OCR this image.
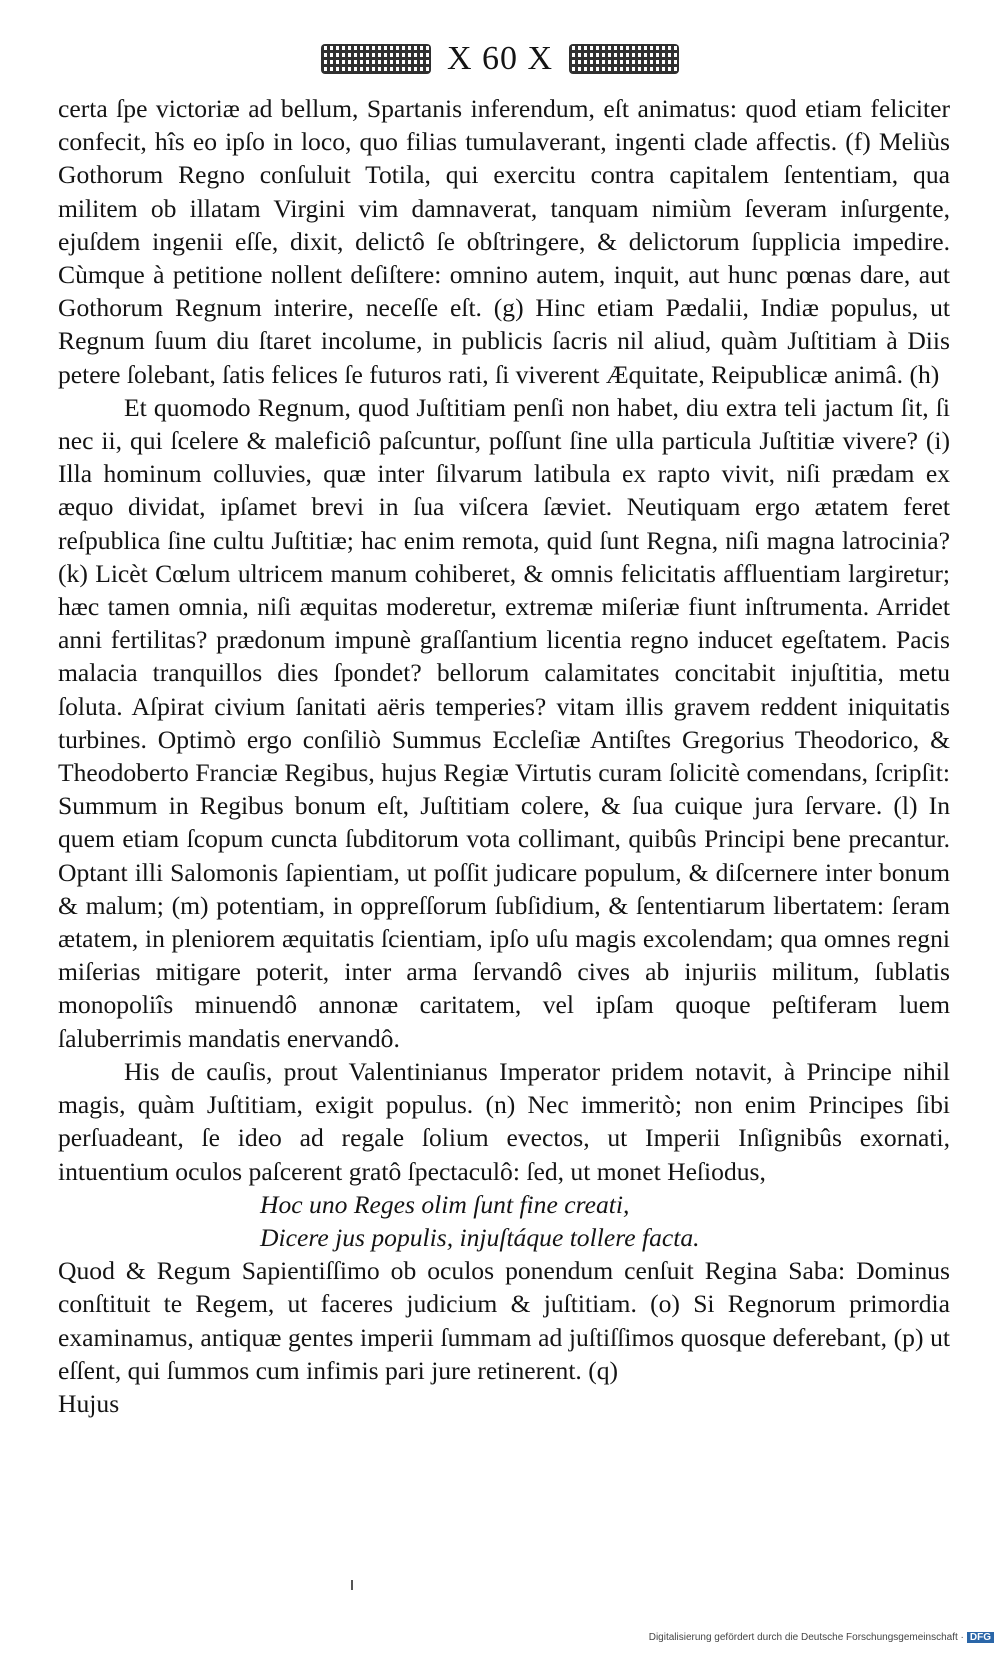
X 60 X

certa ſpe victoriæ ad bellum, Spartanis inferendum, eſt animatus: quod etiam feliciter confecit, hîs eo ipſo in loco, quo filias tumulaverant, ingenti clade affectis. (f) Meliùs Gothorum Regno conſuluit Totila, qui exercitu contra capitalem ſententiam, qua militem ob illatam Virgini vim damnaverat, tanquam nimiùm ſeveram inſurgente, ejuſdem ingenii eſſe, dixit, delictô ſe obſtringere, & delictorum ſupplicia impedire. Cùmque à petitione nollent deſiſtere: omnino autem, inquit, aut hunc pœnas dare, aut Gothorum Regnum interire, neceſſe eſt. (g) Hinc etiam Pædalii, Indiæ populus, ut Regnum ſuum diu ſtaret incolume, in publicis ſacris nil aliud, quàm Juſtitiam à Diis petere ſolebant, ſatis felices ſe futuros rati, ſi viverent Æquitate, Reipublicæ animâ. (h)

Et quomodo Regnum, quod Juſtitiam penſi non habet, diu extra teli jactum ſit, ſi nec ii, qui ſcelere & maleficiô paſcuntur, poſſunt ſine ulla particula Juſtitiæ vivere? (i) Illa hominum colluvies, quæ inter ſilvarum latibula ex rapto vivit, niſi prædam ex æquo dividat, ipſamet brevi in ſua viſcera ſæviet. Neutiquam ergo ætatem feret reſpublica ſine cultu Juſtitiæ; hac enim remota, quid ſunt Regna, niſi magna latrocinia? (k) Licèt Cœlum ultricem manum cohiberet, & omnis felicitatis affluentiam largiretur; hæc tamen omnia, niſi æquitas moderetur, extremæ miſeriæ fiunt inſtrumenta. Arridet anni fertilitas? prædonum impunè graſſantium licentia regno inducet egeſtatem. Pacis malacia tranquillos dies ſpondet? bellorum calamitates concitabit injuſtitia, metu ſoluta. Aſpirat civium ſanitati aëris temperies? vitam illis gravem reddent iniquitatis turbines. Optimò ergo conſiliò Summus Eccleſiæ Antiſtes Gregorius Theodorico, & Theodoberto Franciæ Regibus, hujus Regiæ Virtutis curam ſolicitè comendans, ſcripſit: Summum in Regibus bonum eſt, Juſtitiam colere, & ſua cuique jura ſervare. (l) In quem etiam ſcopum cuncta ſubditorum vota collimant, quibûs Principi bene precantur. Optant illi Salomonis ſapientiam, ut poſſit judicare populum, & diſcernere inter bonum & malum; (m) potentiam, in oppreſſorum ſubſidium, & ſententiarum libertatem: ſeram ætatem, in pleniorem æquitatis ſcientiam, ipſo uſu magis excolendam; qua omnes regni miſerias mitigare poterit, inter arma ſervandô cives ab injuriis militum, ſublatis monopoliîs minuendô annonæ caritatem, vel ipſam quoque peſtiferam luem ſaluberrimis mandatis enervandô.

His de cauſis, prout Valentinianus Imperator pridem notavit, à Principe nihil magis, quàm Juſtitiam, exigit populus. (n) Nec immeritò; non enim Principes ſibi perſuadeant, ſe ideo ad regale ſolium evectos, ut Imperii Inſignibûs exornati, intuentium oculos paſcerent gratô ſpectaculô: ſed, ut monet Heſiodus,

Hoc uno Reges olim ſunt fine creati,

Dicere jus populis, injuſtáque tollere facta.

Quod & Regum Sapientiſſimo ob oculos ponendum cenſuit Regina Saba: Dominus conſtituit te Regem, ut faceres judicium & juſtitiam. (o) Si Regnorum primordia examinamus, antiquæ gentes imperii ſummam ad juſtiſſimos quosque deferebant, (p) ut eſſent, qui ſummos cum infimis pari jure retinerent. (q)

Hujus

Digitalisierung gefördert durch die Deutsche Forschungsgemeinschaft · DFG
